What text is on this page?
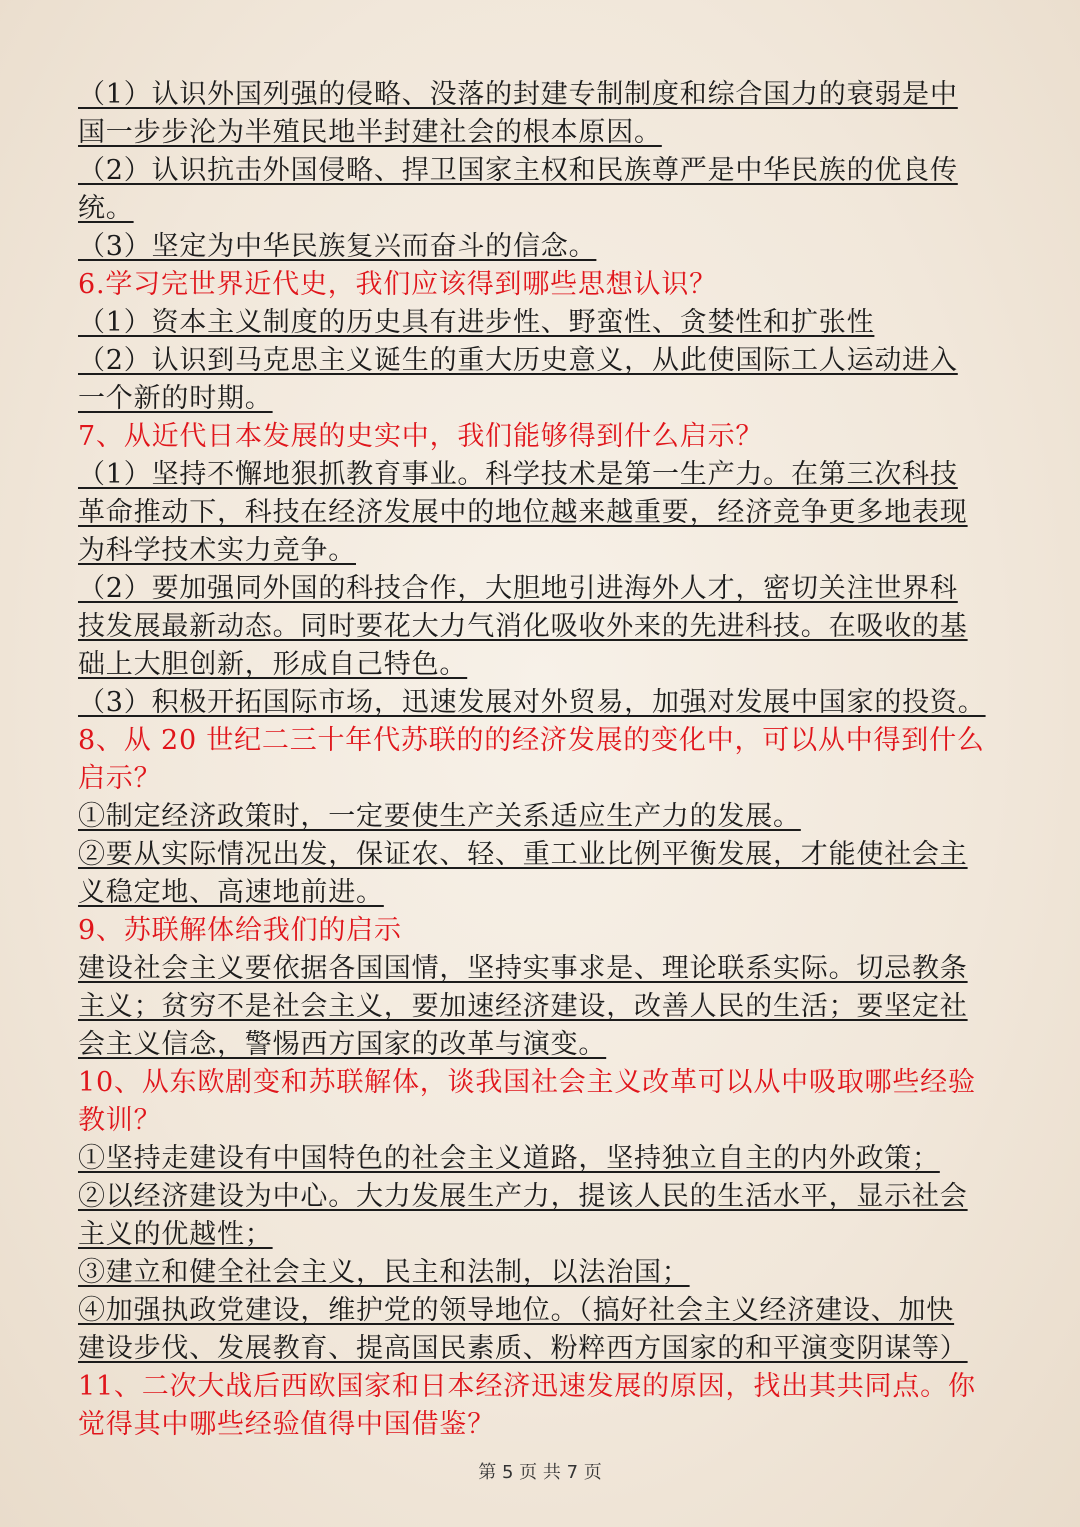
（1）认识外国列强的侵略、没落的封建专制制度和综合国力的衰弱是中
国一步步沦为半殖民地半封建社会的根本原因。
（2）认识抗击外国侵略、捍卫国家主权和民族尊严是中华民族的优良传
统。
（3）坚定为中华民族复兴而奋斗的信念。
6.学习完世界近代史，我们应该得到哪些思想认识？
（1）资本主义制度的历史具有进步性、野蛮性、贪婪性和扩张性
（2）认识到马克思主义诞生的重大历史意义，从此使国际工人运动进入
一个新的时期。
7、从近代日本发展的史实中，我们能够得到什么启示？
（1）坚持不懈地狠抓教育事业。科学技术是第一生产力。在第三次科技
革命推动下，科技在经济发展中的地位越来越重要，经济竞争更多地表现
为科学技术实力竞争。
（2）要加强同外国的科技合作，大胆地引进海外人才，密切关注世界科
技发展最新动态。同时要花大力气消化吸收外来的先进科技。在吸收的基
础上大胆创新，形成自己特色。
（3）积极开拓国际市场，迅速发展对外贸易，加强对发展中国家的投资。
8、从 20 世纪二三十年代苏联的的经济发展的变化中，可以从中得到什么
启示？
①制定经济政策时，一定要使生产关系适应生产力的发展。
②要从实际情况出发，保证农、轻、重工业比例平衡发展，才能使社会主
义稳定地、高速地前进。
9、苏联解体给我们的启示
建设社会主义要依据各国国情，坚持实事求是、理论联系实际。切忌教条
主义；贫穷不是社会主义，要加速经济建设，改善人民的生活；要坚定社
会主义信念，警惕西方国家的改革与演变。
10、从东欧剧变和苏联解体，谈我国社会主义改革可以从中吸取哪些经验
教训？
①坚持走建设有中国特色的社会主义道路，坚持独立自主的内外政策；
②以经济建设为中心。大力发展生产力，提该人民的生活水平，显示社会
主义的优越性；
③建立和健全社会主义，民主和法制，以法治国；
④加强执政党建设，维护党的领导地位。（搞好社会主义经济建设、加快
建设步伐、发展教育、提高国民素质、粉粹西方国家的和平演变阴谋等）
11、二次大战后西欧国家和日本经济迅速发展的原因，找出其共同点。你
觉得其中哪些经验值得中国借鉴？
第 5 页 共 7 页
